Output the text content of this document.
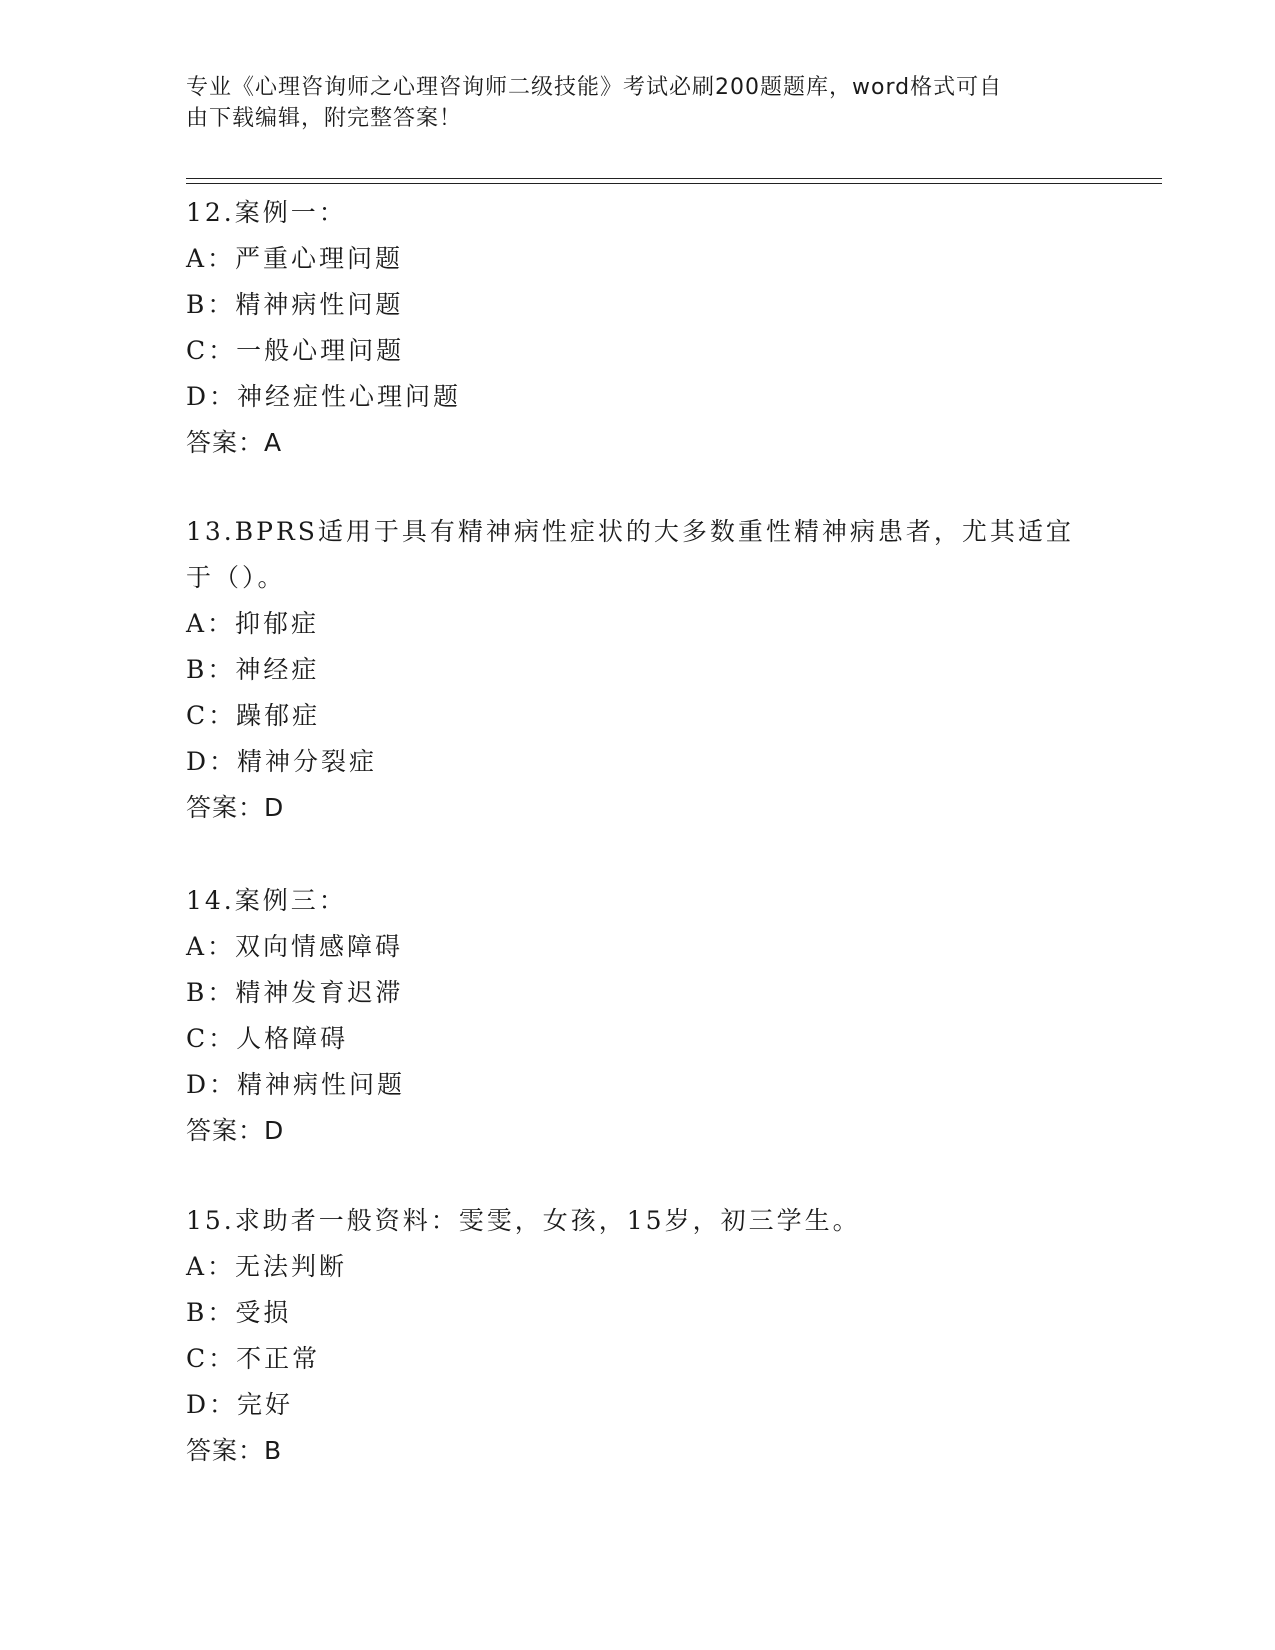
专业《心理咨询师之心理咨询师二级技能》考试必刷200题题库，word格式可自
由下载编辑，附完整答案！
12.案例一：
A：严重心理问题
B：精神病性问题
C：一般心理问题
D：神经症性心理问题
答案：A
13.BPRS适用于具有精神病性症状的大多数重性精神病患者，尤其适宜
于（）。
A：抑郁症
B：神经症
C：躁郁症
D：精神分裂症
答案：D
14.案例三：
A：双向情感障碍
B：精神发育迟滞
C：人格障碍
D：精神病性问题
答案：D
15.求助者一般资料：雯雯，女孩，15岁，初三学生。
A：无法判断
B：受损
C：不正常
D：完好
答案：B
